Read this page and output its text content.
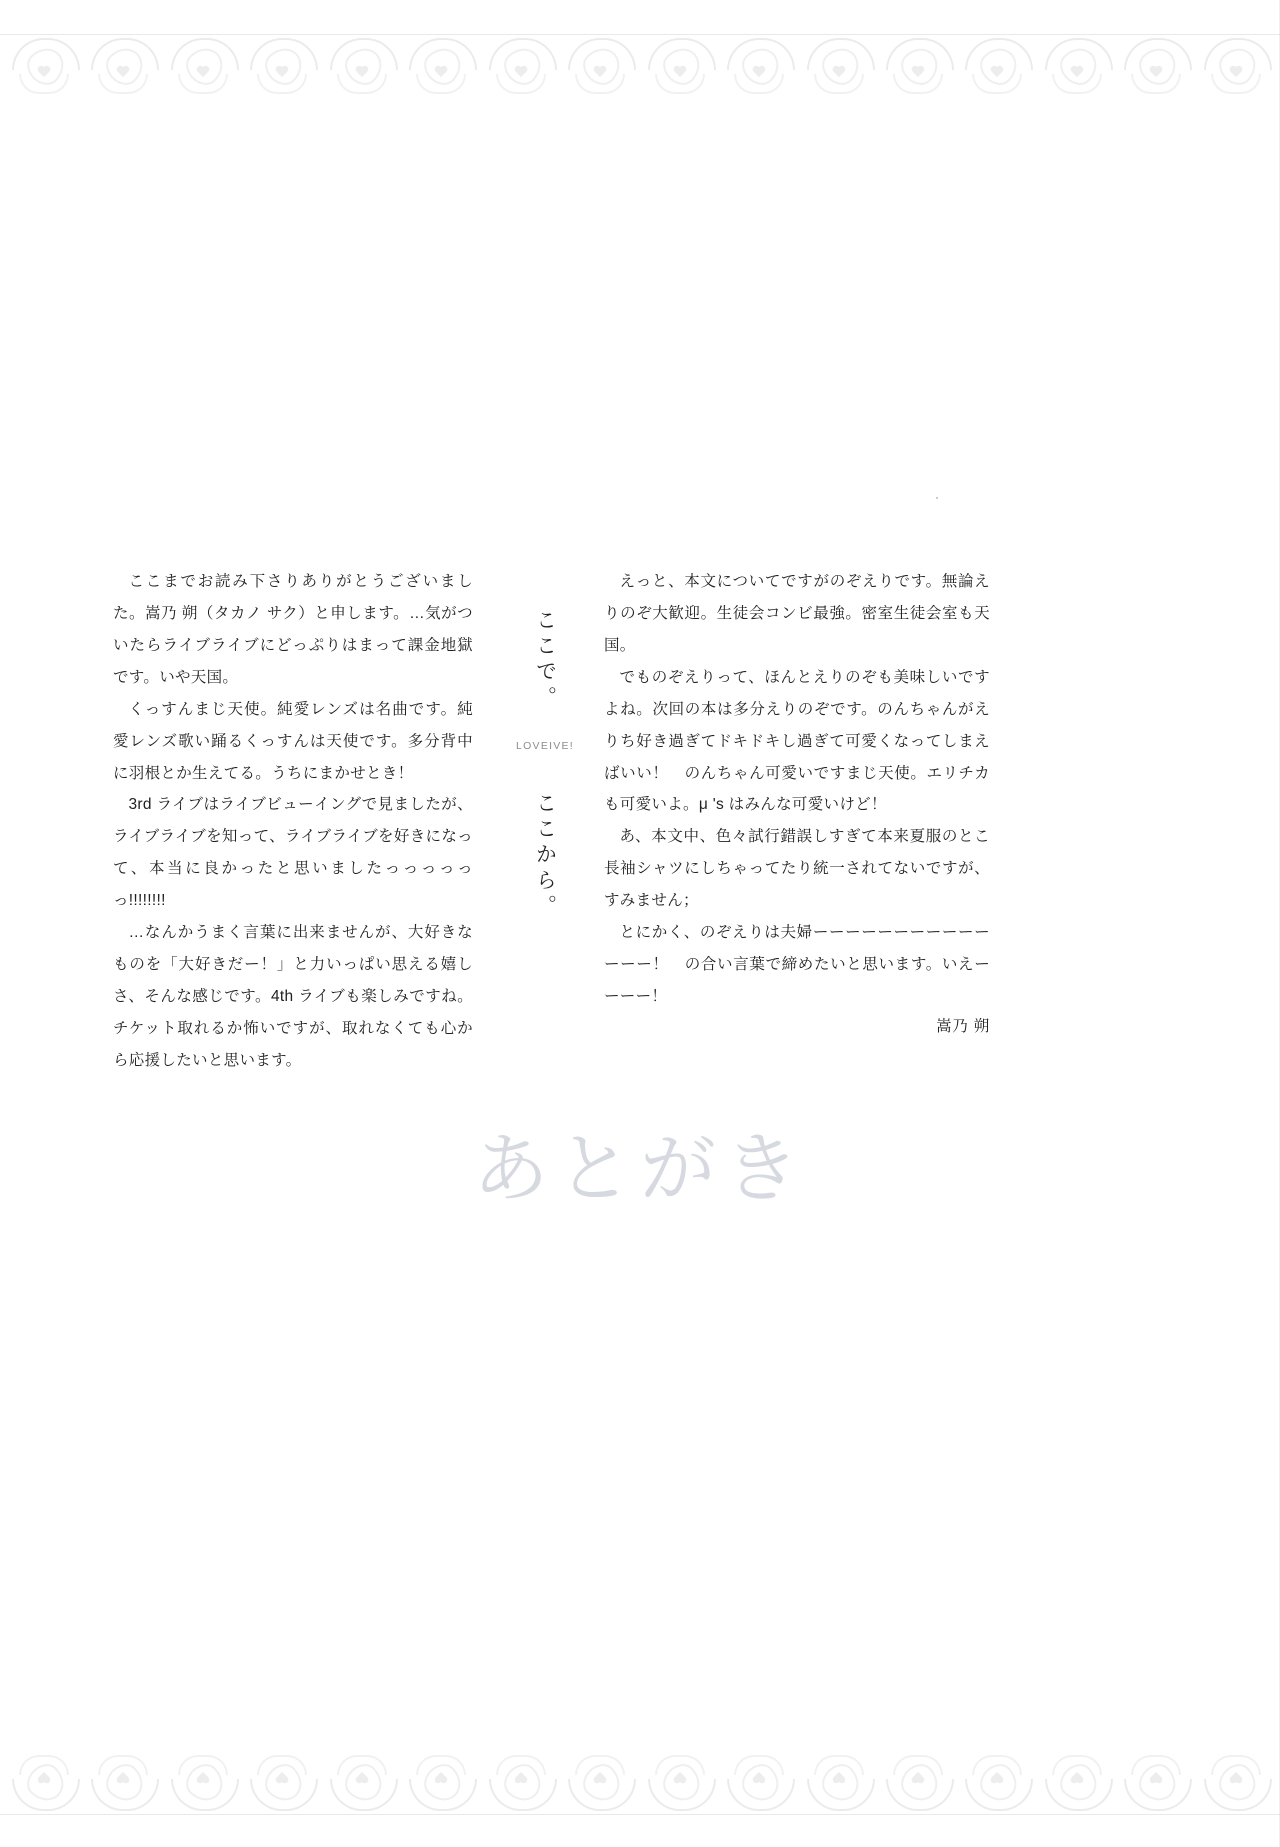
ここまでお読み下さりありがとうございました。嵩乃 朔（タカノ サク）と申します。…気がついたらライブライブにどっぷりはまって課金地獄です。いや天国。

くっすんまじ天使。純愛レンズは名曲です。純愛レンズ歌い踊るくっすんは天使です。多分背中に羽根とか生えてる。うちにまかせとき！

3rd ライブはライブビューイングで見ましたが、ライブライブを知って、ライブライブを好きになって、本当に良かったと思いましたっっっっっっ!!!!!!!!

…なんかうまく言葉に出来ませんが、大好きなものを「大好きだー！」と力いっぱい思える嬉しさ、そんな感じです。4th ライブも楽しみですね。チケット取れるか怖いですが、取れなくても心から応援したいと思います。

ここで。
LOVEIVE!
ここから。

えっと、本文についてですがのぞえりです。無論えりのぞ大歓迎。生徒会コンビ最強。密室生徒会室も天国。

でものぞえりって、ほんとえりのぞも美味しいですよね。次回の本は多分えりのぞです。のんちゃんがえりち好き過ぎてドキドキし過ぎて可愛くなってしまえばいい！　のんちゃん可愛いですまじ天使。エリチカも可愛いよ。μ 's はみんな可愛いけど！

あ、本文中、色々試行錯誤しすぎて本来夏服のとこ長袖シャツにしちゃってたり統一されてないですが、すみません；

とにかく、のぞえりは夫婦ーーーーーーーーーーーーーー！　の合い言葉で締めたいと思います。いえーーーー！

嵩乃 朔
あとがき
